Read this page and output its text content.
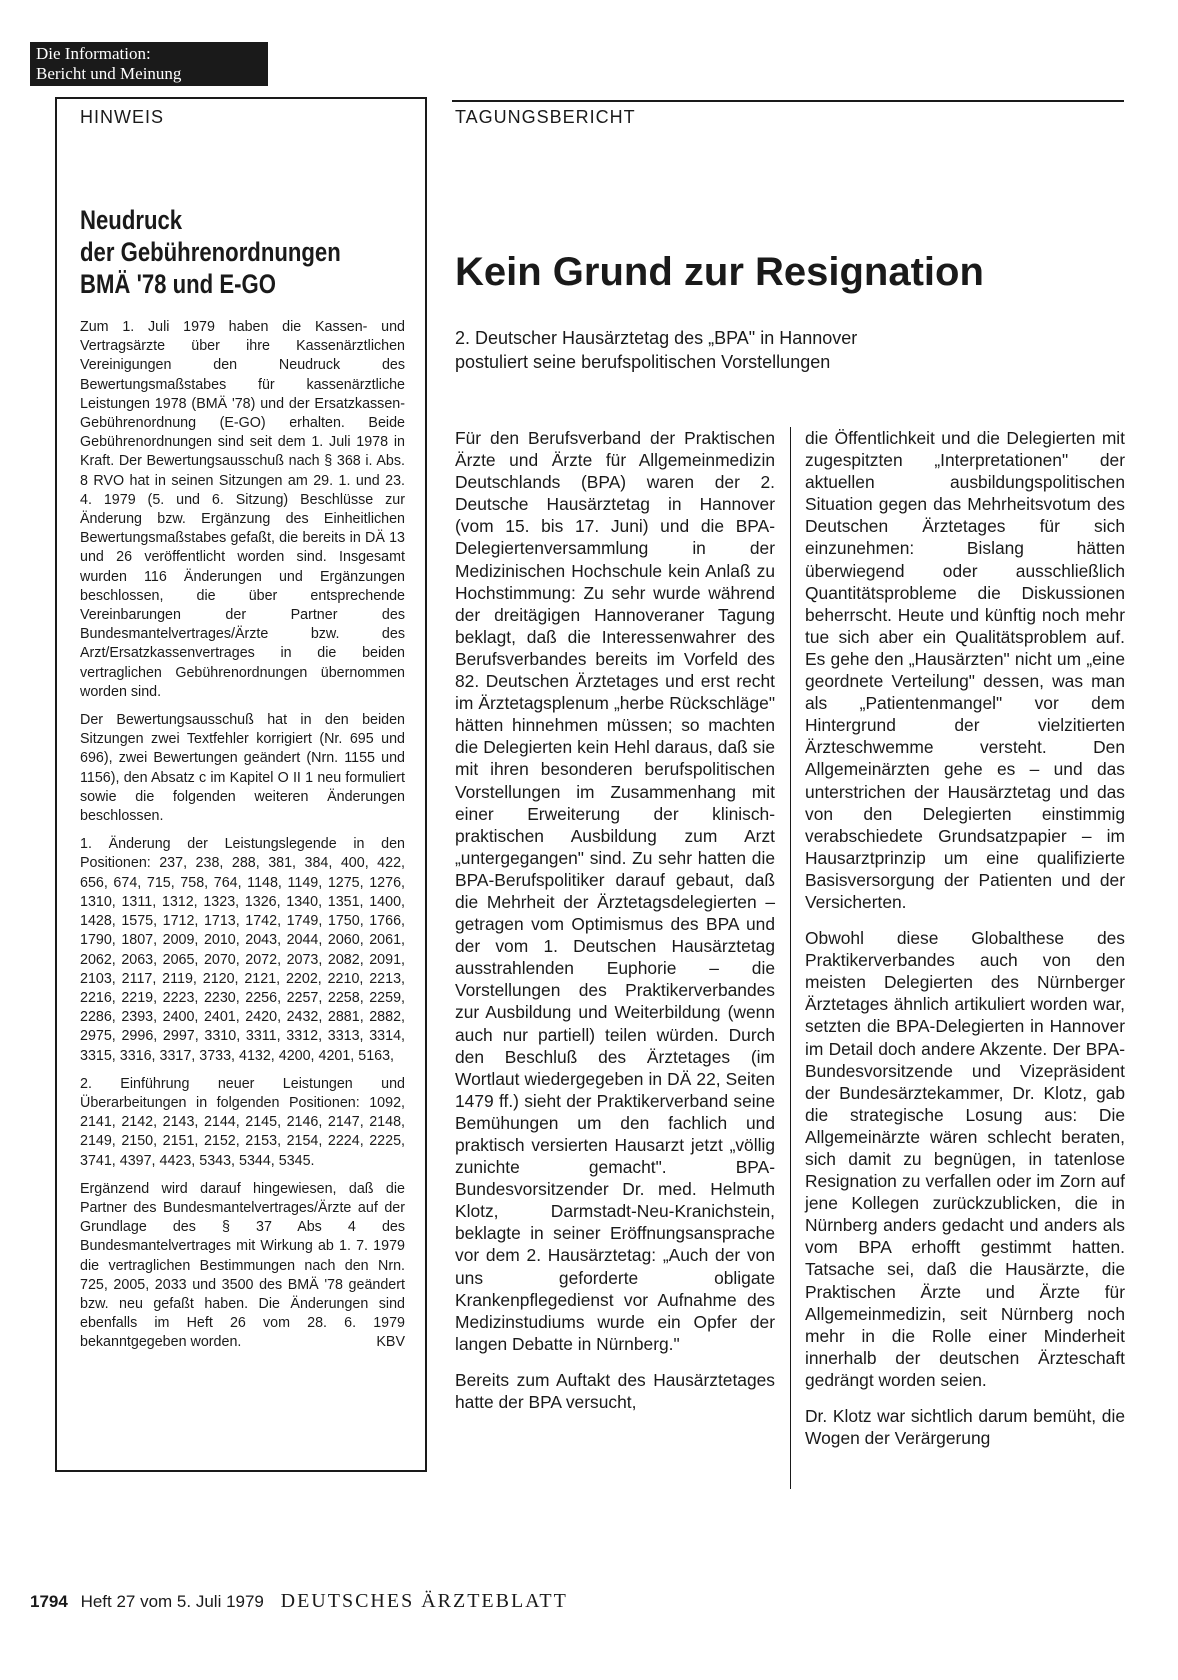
Die Information:
Bericht und Meinung
HINWEIS
Neudruck
der Gebührenordnungen
BMÄ '78 und E-GO

Zum 1. Juli 1979 haben die Kassen- und Vertragsärzte über ihre Kassenärztlichen Vereinigungen den Neudruck des Bewertungsmaßstabes für kassenärztliche Leistungen 1978 (BMÄ '78) und der Ersatzkassen-Gebührenordnung (E-GO) erhalten. Beide Gebührenordnungen sind seit dem 1. Juli 1978 in Kraft. Der Bewertungsausschuß nach § 368 i. Abs. 8 RVO hat in seinen Sitzungen am 29. 1. und 23. 4. 1979 (5. und 6. Sitzung) Beschlüsse zur Änderung bzw. Ergänzung des Einheitlichen Bewertungsmaßstabes gefaßt, die bereits in DÄ 13 und 26 veröffentlicht worden sind. Insgesamt wurden 116 Änderungen und Ergänzungen beschlossen, die über entsprechende Vereinbarungen der Partner des Bundesmantelvertrages/Ärzte bzw. des Arzt/Ersatzkassenvertrages in die beiden vertraglichen Gebührenordnungen übernommen worden sind.

Der Bewertungsausschuß hat in den beiden Sitzungen zwei Textfehler korrigiert (Nr. 695 und 696), zwei Bewertungen geändert (Nrn. 1155 und 1156), den Absatz c im Kapitel O II 1 neu formuliert sowie die folgenden weiteren Änderungen beschlossen.

1. Änderung der Leistungslegende in den Positionen: 237, 238, 288, 381, 384, 400, 422, 656, 674, 715, 758, 764, 1148, 1149, 1275, 1276, 1310, 1311, 1312, 1323, 1326, 1340, 1351, 1400, 1428, 1575, 1712, 1713, 1742, 1749, 1750, 1766, 1790, 1807, 2009, 2010, 2043, 2044, 2060, 2061, 2062, 2063, 2065, 2070, 2072, 2073, 2082, 2091, 2103, 2117, 2119, 2120, 2121, 2202, 2210, 2213, 2216, 2219, 2223, 2230, 2256, 2257, 2258, 2259, 2286, 2393, 2400, 2401, 2420, 2432, 2881, 2882, 2975, 2996, 2997, 3310, 3311, 3312, 3313, 3314, 3315, 3316, 3317, 3733, 4132, 4200, 4201, 5163,

2. Einführung neuer Leistungen und Überarbeitungen in folgenden Positionen: 1092, 2141, 2142, 2143, 2144, 2145, 2146, 2147, 2148, 2149, 2150, 2151, 2152, 2153, 2154, 2224, 2225, 3741, 4397, 4423, 5343, 5344, 5345.

Ergänzend wird darauf hingewiesen, daß die Partner des Bundesmantelvertrages/Ärzte auf der Grundlage des § 37 Abs 4 des Bundesmantelvertrages mit Wirkung ab 1. 7. 1979 die vertraglichen Bestimmungen nach den Nrn. 725, 2005, 2033 und 3500 des BMÄ '78 geändert bzw. neu gefaßt haben. Die Änderungen sind ebenfalls im Heft 26 vom 28. 6. 1979 bekanntgegeben worden.	KBV

TAGUNGSBERICHT
Kein Grund zur Resignation
2. Deutscher Hausärztetag des „BPA" in Hannover
postuliert seine berufspolitischen Vorstellungen

Für den Berufsverband der Praktischen Ärzte und Ärzte für Allgemeinmedizin Deutschlands (BPA) waren der 2. Deutsche Hausärztetag in Hannover (vom 15. bis 17. Juni) und die BPA-Delegiertenversammlung in der Medizinischen Hochschule kein Anlaß zu Hochstimmung: Zu sehr wurde während der dreitägigen Hannoveraner Tagung beklagt, daß die Interessenwahrer des Berufsverbandes bereits im Vorfeld des 82. Deutschen Ärztetages und erst recht im Ärztetagsplenum „herbe Rückschläge" hätten hinnehmen müssen; so machten die Delegierten kein Hehl daraus, daß sie mit ihren besonderen berufspolitischen Vorstellungen im Zusammenhang mit einer Erweiterung der klinisch-praktischen Ausbildung zum Arzt „untergegangen" sind. Zu sehr hatten die BPA-Berufspolitiker darauf gebaut, daß die Mehrheit der Ärztetagsdelegierten – getragen vom Optimismus des BPA und der vom 1. Deutschen Hausärztetag ausstrahlenden Euphorie – die Vorstellungen des Praktikerverbandes zur Ausbildung und Weiterbildung (wenn auch nur partiell) teilen würden. Durch den Beschluß des Ärztetages (im Wortlaut wiedergegeben in DÄ 22, Seiten 1479 ff.) sieht der Praktikerverband seine Bemühungen um den fachlich und praktisch versierten Hausarzt jetzt „völlig zunichte gemacht". BPA-Bundesvorsitzender Dr. med. Helmuth Klotz, Darmstadt-Neu-Kranichstein, beklagte in seiner Eröffnungsansprache vor dem 2. Hausärztetag: „Auch der von uns geforderte obligate Krankenpflegedienst vor Aufnahme des Medizinstudiums wurde ein Opfer der langen Debatte in Nürnberg."

Bereits zum Auftakt des Hausärztetages hatte der BPA versucht,

die Öffentlichkeit und die Delegierten mit zugespitzten „Interpretationen" der aktuellen ausbildungspolitischen Situation gegen das Mehrheitsvotum des Deutschen Ärztetages für sich einzunehmen: Bislang hätten überwiegend oder ausschließlich Quantitätsprobleme die Diskussionen beherrscht. Heute und künftig noch mehr tue sich aber ein Qualitätsproblem auf. Es gehe den „Hausärzten" nicht um „eine geordnete Verteilung" dessen, was man als „Patientenmangel" vor dem Hintergrund der vielzitierten Ärzteschwemme versteht. Den Allgemeinärzten gehe es – und das unterstrichen der Hausärztetag und das von den Delegierten einstimmig verabschiedete Grundsatzpapier – im Hausarztprinzip um eine qualifizierte Basisversorgung der Patienten und der Versicherten.

Obwohl diese Globalthese des Praktikerverbandes auch von den meisten Delegierten des Nürnberger Ärztetages ähnlich artikuliert worden war, setzten die BPA-Delegierten in Hannover im Detail doch andere Akzente. Der BPA-Bundesvorsitzende und Vizepräsident der Bundesärztekammer, Dr. Klotz, gab die strategische Losung aus: Die Allgemeinärzte wären schlecht beraten, sich damit zu begnügen, in tatenlose Resignation zu verfallen oder im Zorn auf jene Kollegen zurückzublicken, die in Nürnberg anders gedacht und anders als vom BPA erhofft gestimmt hatten. Tatsache sei, daß die Hausärzte, die Praktischen Ärzte und Ärzte für Allgemeinmedizin, seit Nürnberg noch mehr in die Rolle einer Minderheit innerhalb der deutschen Ärzteschaft gedrängt worden seien.

Dr. Klotz war sichtlich darum bemüht, die Wogen der Verärgerung

1794 Heft 27 vom 5. Juli 1979 DEUTSCHES ÄRZTEBLATT
